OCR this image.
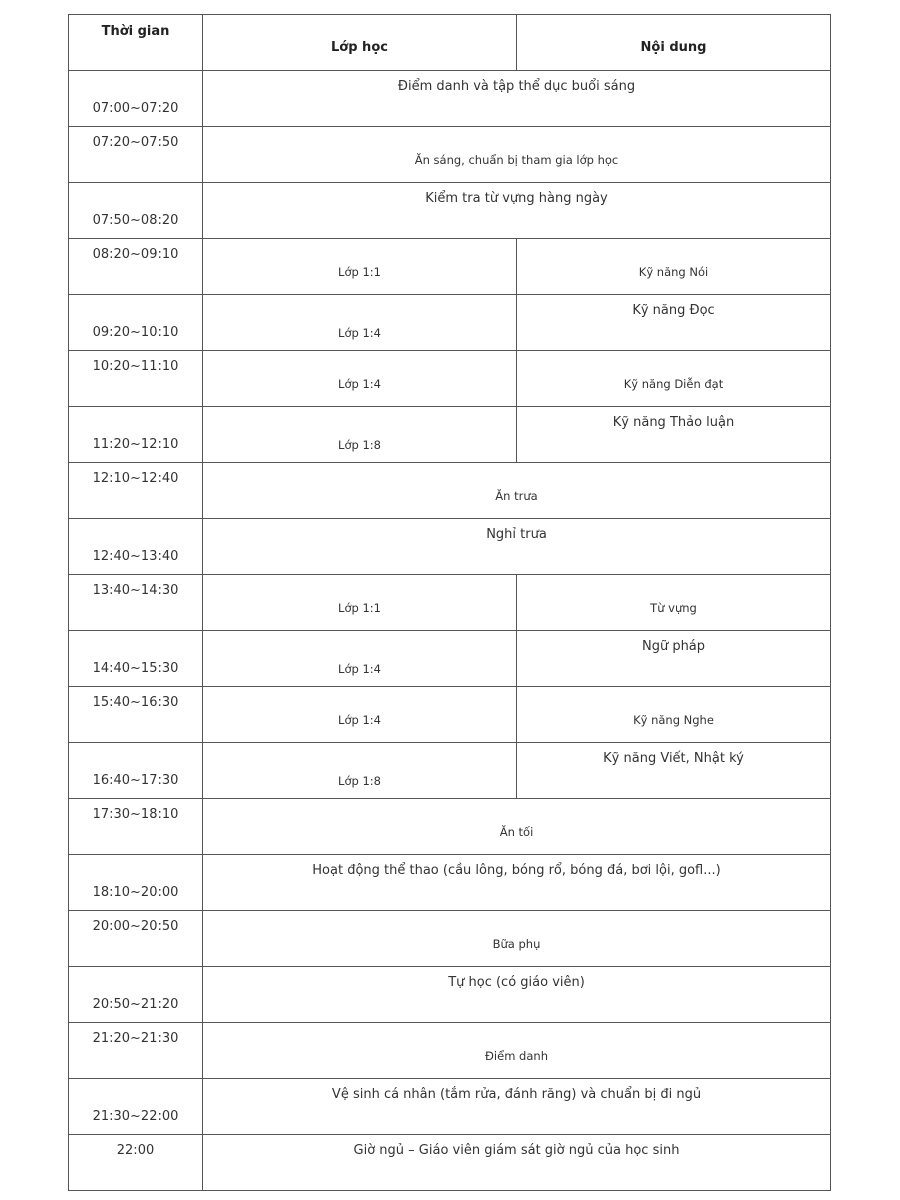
Thời gian	Lớp học	Nội dung
07:00~07:20	Điểm danh và tập thể dục buổi sáng	
07:20~07:50	Ăn sáng, chuẩn bị tham gia lớp học	
07:50~08:20	Kiểm tra từ vựng hàng ngày	
08:20~09:10	Lớp 1:1	Kỹ năng Nói
09:20~10:10	Lớp 1:4	Kỹ năng Đọc
10:20~11:10	Lớp 1:4	Kỹ năng Diễn đạt
11:20~12:10	Lớp 1:8	Kỹ năng Thảo luận
12:10~12:40	Ăn trưa	
12:40~13:40	Nghỉ trưa	
13:40~14:30	Lớp 1:1	Từ vựng
14:40~15:30	Lớp 1:4	Ngữ pháp
15:40~16:30	Lớp 1:4	Kỹ năng Nghe
16:40~17:30	Lớp 1:8	Kỹ năng Viết, Nhật ký
17:30~18:10	Ăn tối	
18:10~20:00	Hoạt động thể thao (cầu lông, bóng rổ, bóng đá, bơi lội, gofl...)	
20:00~20:50	Bữa phụ	
20:50~21:20	Tự học (có giáo viên)	
21:20~21:30	Điểm danh	
21:30~22:00	Vệ sinh cá nhân (tắm rửa, đánh răng) và chuẩn bị đi ngủ	
22:00	Giờ ngủ – Giáo viên giám sát giờ ngủ của học sinh	
